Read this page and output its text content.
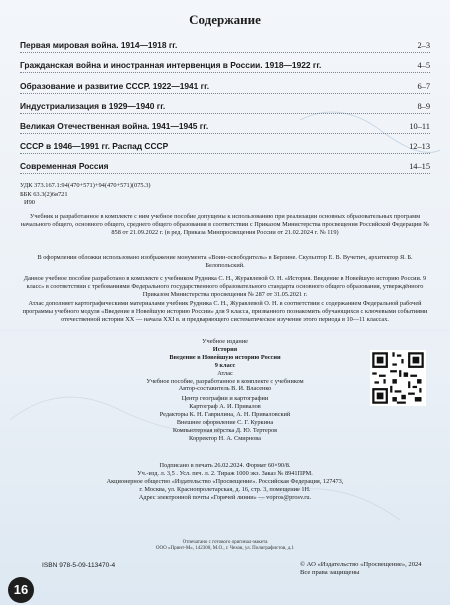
Содержание
Первая мировая война. 1914—1918 гг.	2–3
Гражданская война и иностранная интервенция в России. 1918—1922 гг.	4–5
Образование и развитие СССР. 1922—1941 гг.	6–7
Индустриализация в 1929—1940 гг.	8–9
Великая Отечественная война. 1941—1945 гг.	10–11
СССР в 1946—1991 гг. Распад СССР	12–13
Современная Россия	14–15
УДК 373.167.1:94(470+571)+94(470+571)(075.3)
ББК 63.3(2)6я721
И90
Учебник и разработанное в комплекте с ним учебное пособие допущены к использованию при реализации основных образовательных программ начального общего, основного общего, среднего общего образования в соответствии с Приказом Министерства просвещения Российской Федерации № 858 от 21.09.2022 г. (в ред. Приказа Минпросвещения России от 21.02.2024 г. № 119)
В оформлении обложки использовано изображение монумента «Воин-освободитель» в Берлине. Скульптор Е. В. Вучетич, архитектор Я. Б. Белопольский.
Данное учебное пособие разработано в комплекте с учебником Рудника С. Н., Журавлевой О. Н. «История. Введение в Новейшую историю России. 9 класс» в соответствии с требованиями Федерального государственного образовательного стандарта основного общего образования, утверждённого Приказом Министерства просвещения № 287 от 31.05.2021 г.
Атлас дополняет картографическими материалами учебник Рудника С. Н., Журавлевой О. Н. в соответствии с содержанием Федеральной рабочей программы учебного модуля «Введение в Новейшую историю России» для 9 класса, призванного познакомить обучающихся с ключевыми событиями отечественной истории XX — начала XXI в. и предваряющего систематическое изучение этого периода в 10—11 классах.
Учебное издание
История
Введение в Новейшую историю России
9 класс
Атлас
Учебное пособие, разработанное в комплекте с учебником
Автор-составитель В. И. Власенко
Центр географии и картографии
Картограф А. И. Привалов
Редакторы К. Н. Гаврилина, А. Н. Приваловский
Внешнее оформление С. Г. Куркина
Компьютерная вёрстка Д. Ю. Тертеров
Корректор Н. А. Смирнова
Подписано в печать 26.02.2024. Формат 60×90/8.
Уч.-изд. л. 3,5 . Усл. печ. л. 2. Тираж 1000 экз. Заказ № 8941ПРМ.
Акционерное общество «Издательство «Просвещение». Российская Федерация, 127473,
г. Москва, ул. Краснопролетарская, д. 16, стр. 3, помещение 1Н.
Адрес электронной почты «Горячей линии» — vopros@prosv.ru.
Отпечатано с готового оригинал-макета
ООО «Принт-М», 142300, М.О., г. Чехов, ул. Полиграфистов, д.1
ISBN 978-5-09-113470-4	© АО «Издательство «Просвещение», 2024
Все права защищены
16
